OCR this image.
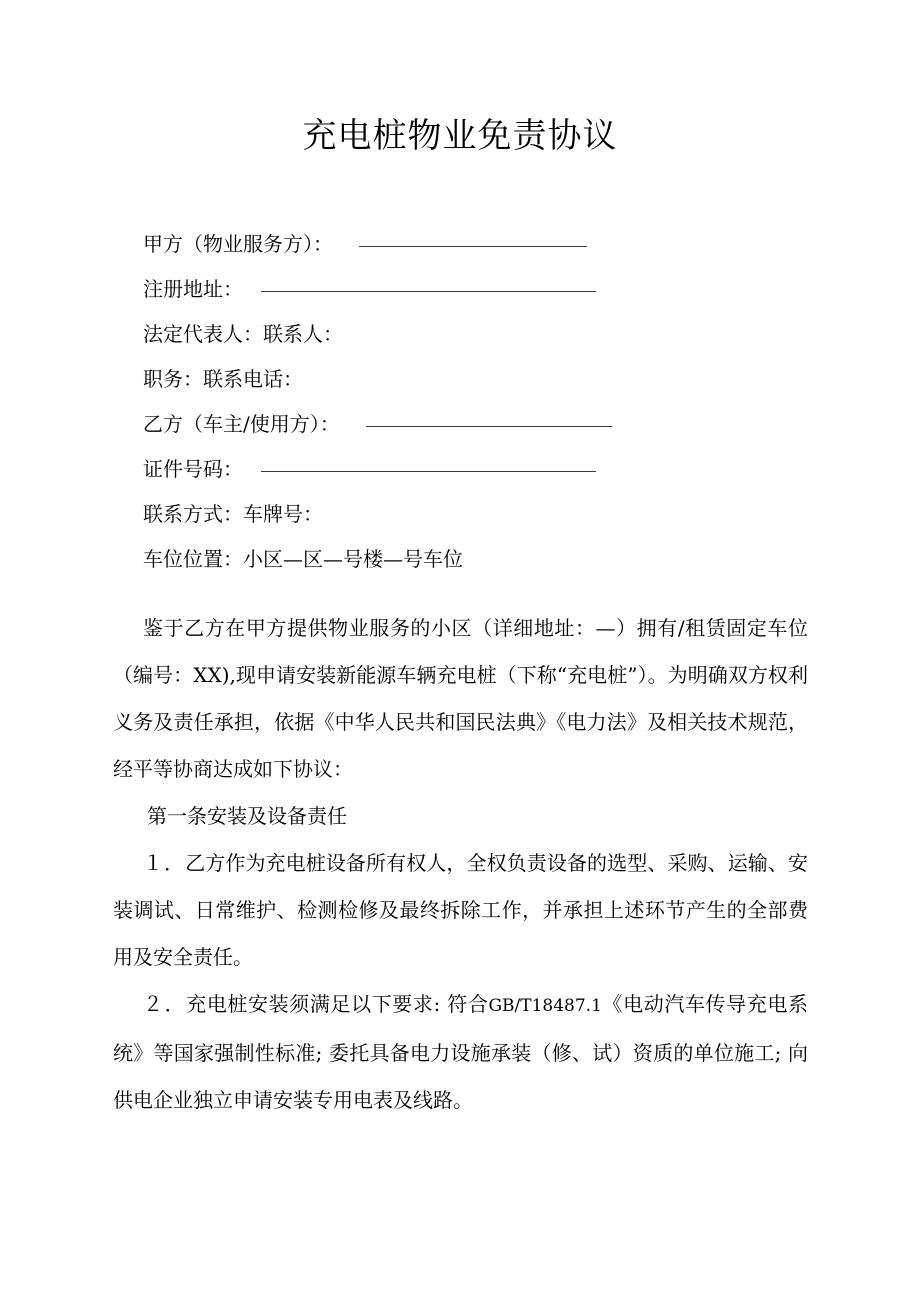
充电桩物业免责协议
甲方（物业服务方）：
注册地址：
法定代表人：联系人：
职务：联系电话：
乙方（车主/使用方）：
证件号码：
联系方式：车牌号：
车位位置：小区—区—号楼—号车位

鉴于乙方在甲方提供物业服务的小区（详细地址：—）拥有/租赁固定车位（编号：XX),现申请安装新能源车辆充电桩（下称“充电桩”）。为明确双方权利义务及责任承担，依据《中华人民共和国民法典》《电力法》及相关技术规范，经平等协商达成如下协议：

第一条安装及设备责任

１．乙方作为充电桩设备所有权人，全权负责设备的选型、采购、运输、安装调试、日常维护、检测检修及最终拆除工作，并承担上述环节产生的全部费用及安全责任。

２．充电桩安装须满足以下要求: 符合GB/T18487.1《电动汽车传导充电系统》等国家强制性标准; 委托具备电力设施承装（修、试）资质的单位施工; 向供电企业独立申请安装专用电表及线路。
